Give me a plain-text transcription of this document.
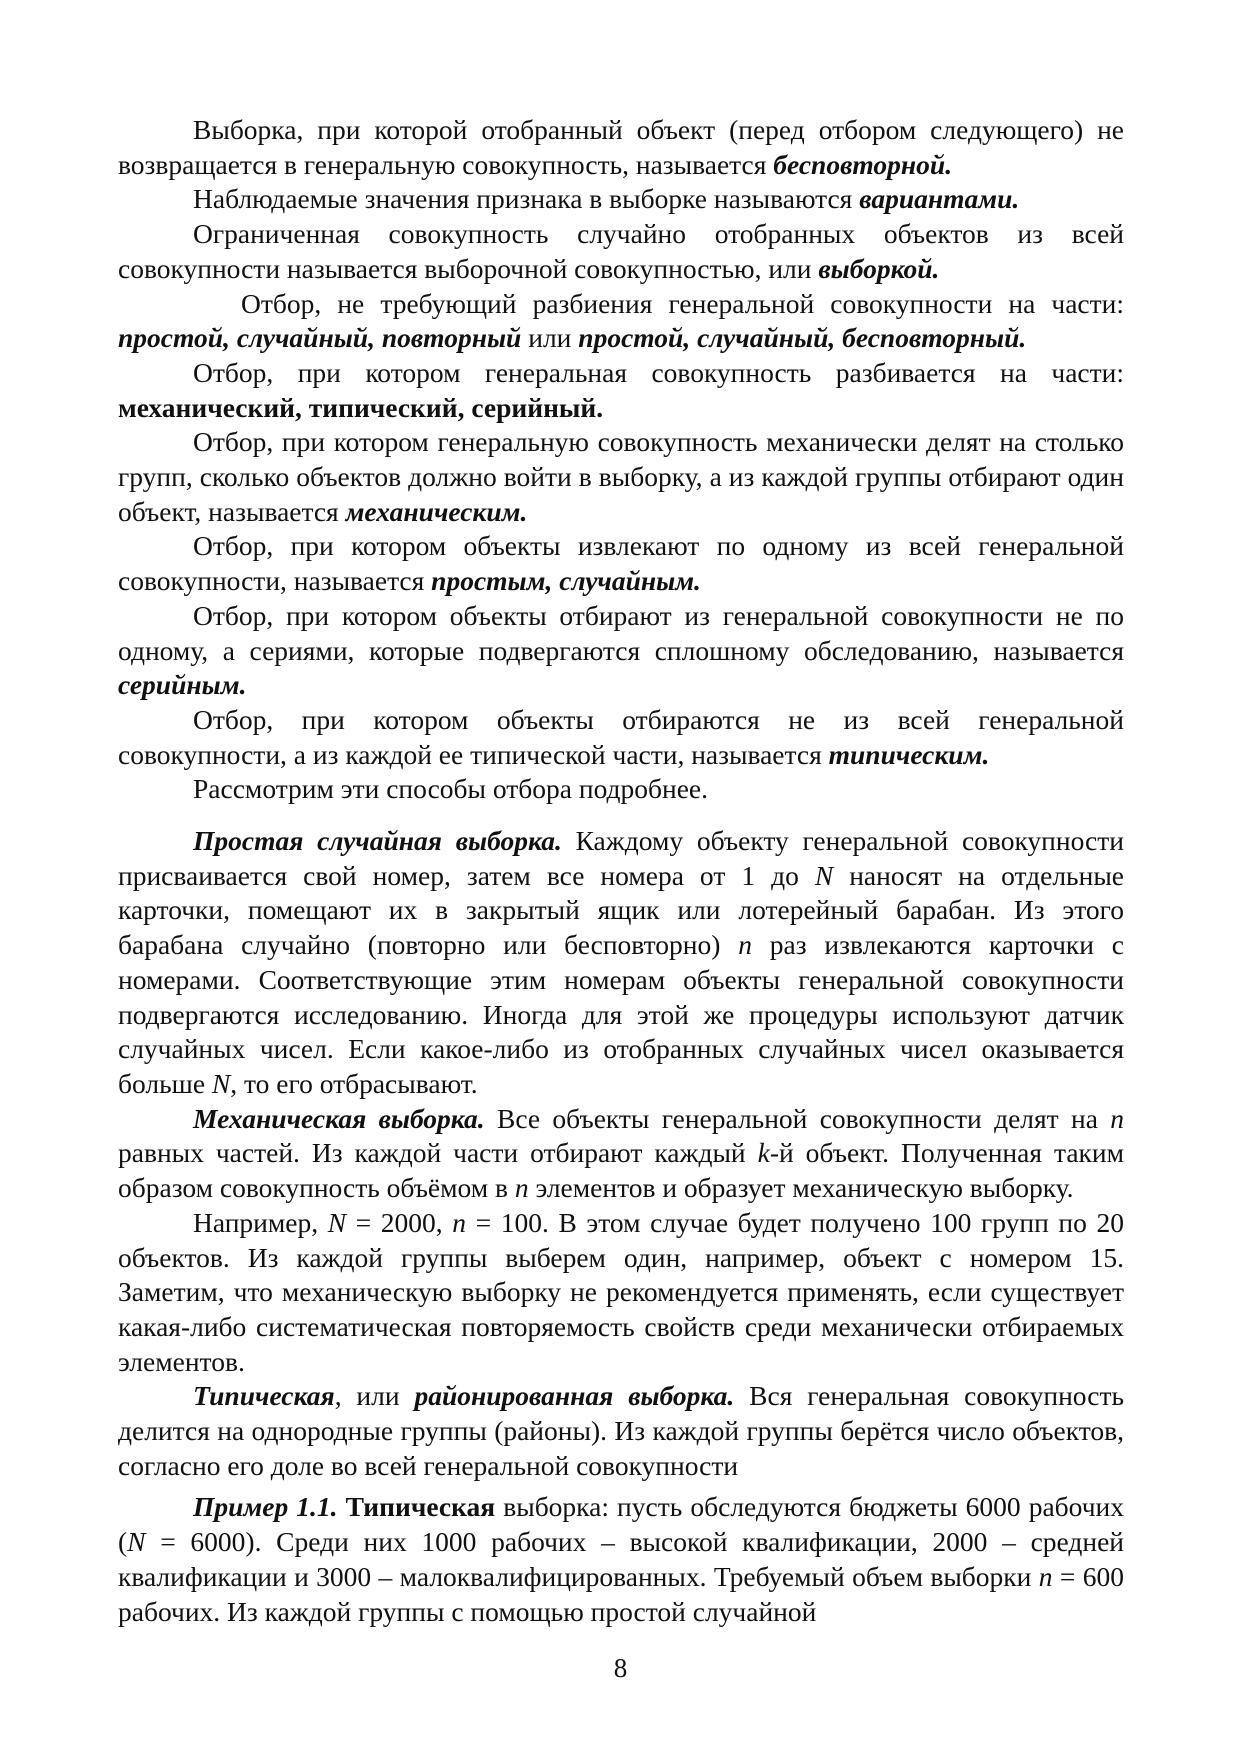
Выборка, при которой отобранный объект (перед отбором следующего) не возвращается в генеральную совокупность, называется бесповторной.

Наблюдаемые значения признака в выборке называются вариантами.

Ограниченная совокупность случайно отобранных объектов из всей совокупности называется выборочной совокупностью, или выборкой.

Отбор, не требующий разбиения генеральной совокупности на части: простой, случайный, повторный или простой, случайный, бесповторный.

Отбор, при котором генеральная совокупность разбивается на части: механический, типический, серийный.

Отбор, при котором генеральную совокупность механически делят на столько групп, сколько объектов должно войти в выборку, а из каждой группы отбирают один объект, называется механическим.

Отбор, при котором объекты извлекают по одному из всей генеральной совокупности, называется простым, случайным.

Отбор, при котором объекты отбирают из генеральной совокупности не по одному, а сериями, которые подвергаются сплошному обследованию, называется серийным.

Отбор, при котором объекты отбираются не из всей генеральной совокупности, а из каждой ее типической части, называется типическим.

Рассмотрим эти способы отбора подробнее.

Простая случайная выборка. Каждому объекту генеральной совокупности присваивается свой номер, затем все номера от 1 до N наносят на отдельные карточки, помещают их в закрытый ящик или лотерейный барабан. Из этого барабана случайно (повторно или бесповторно) n раз извлекаются карточки с номерами. Соответствующие этим номерам объекты генеральной совокупности подвергаются исследованию. Иногда для этой же процедуры используют датчик случайных чисел. Если какое-либо из отобранных случайных чисел оказывается больше N, то его отбрасывают.

Механическая выборка. Все объекты генеральной совокупности делят на n равных частей. Из каждой части отбирают каждый k-й объект. Полученная таким образом совокупность объёмом в n элементов и образует механическую выборку.

Например, N = 2000, n = 100. В этом случае будет получено 100 групп по 20 объектов. Из каждой группы выберем один, например, объект с номером 15. Заметим, что механическую выборку не рекомендуется применять, если существует какая-либо систематическая повторяемость свойств среди механически отбираемых элементов.

Типическая, или районированная выборка. Вся генеральная совокупность делится на однородные группы (районы). Из каждой группы берётся число объектов, согласно его доле во всей генеральной совокупности

Пример 1.1. Типическая выборка: пусть обследуются бюджеты 6000 рабочих (N = 6000). Среди них 1000 рабочих – высокой квалификации, 2000 – средней квалификации и 3000 – малоквалифицированных. Требуемый объем выборки n = 600 рабочих. Из каждой группы с помощью простой случайной

8
